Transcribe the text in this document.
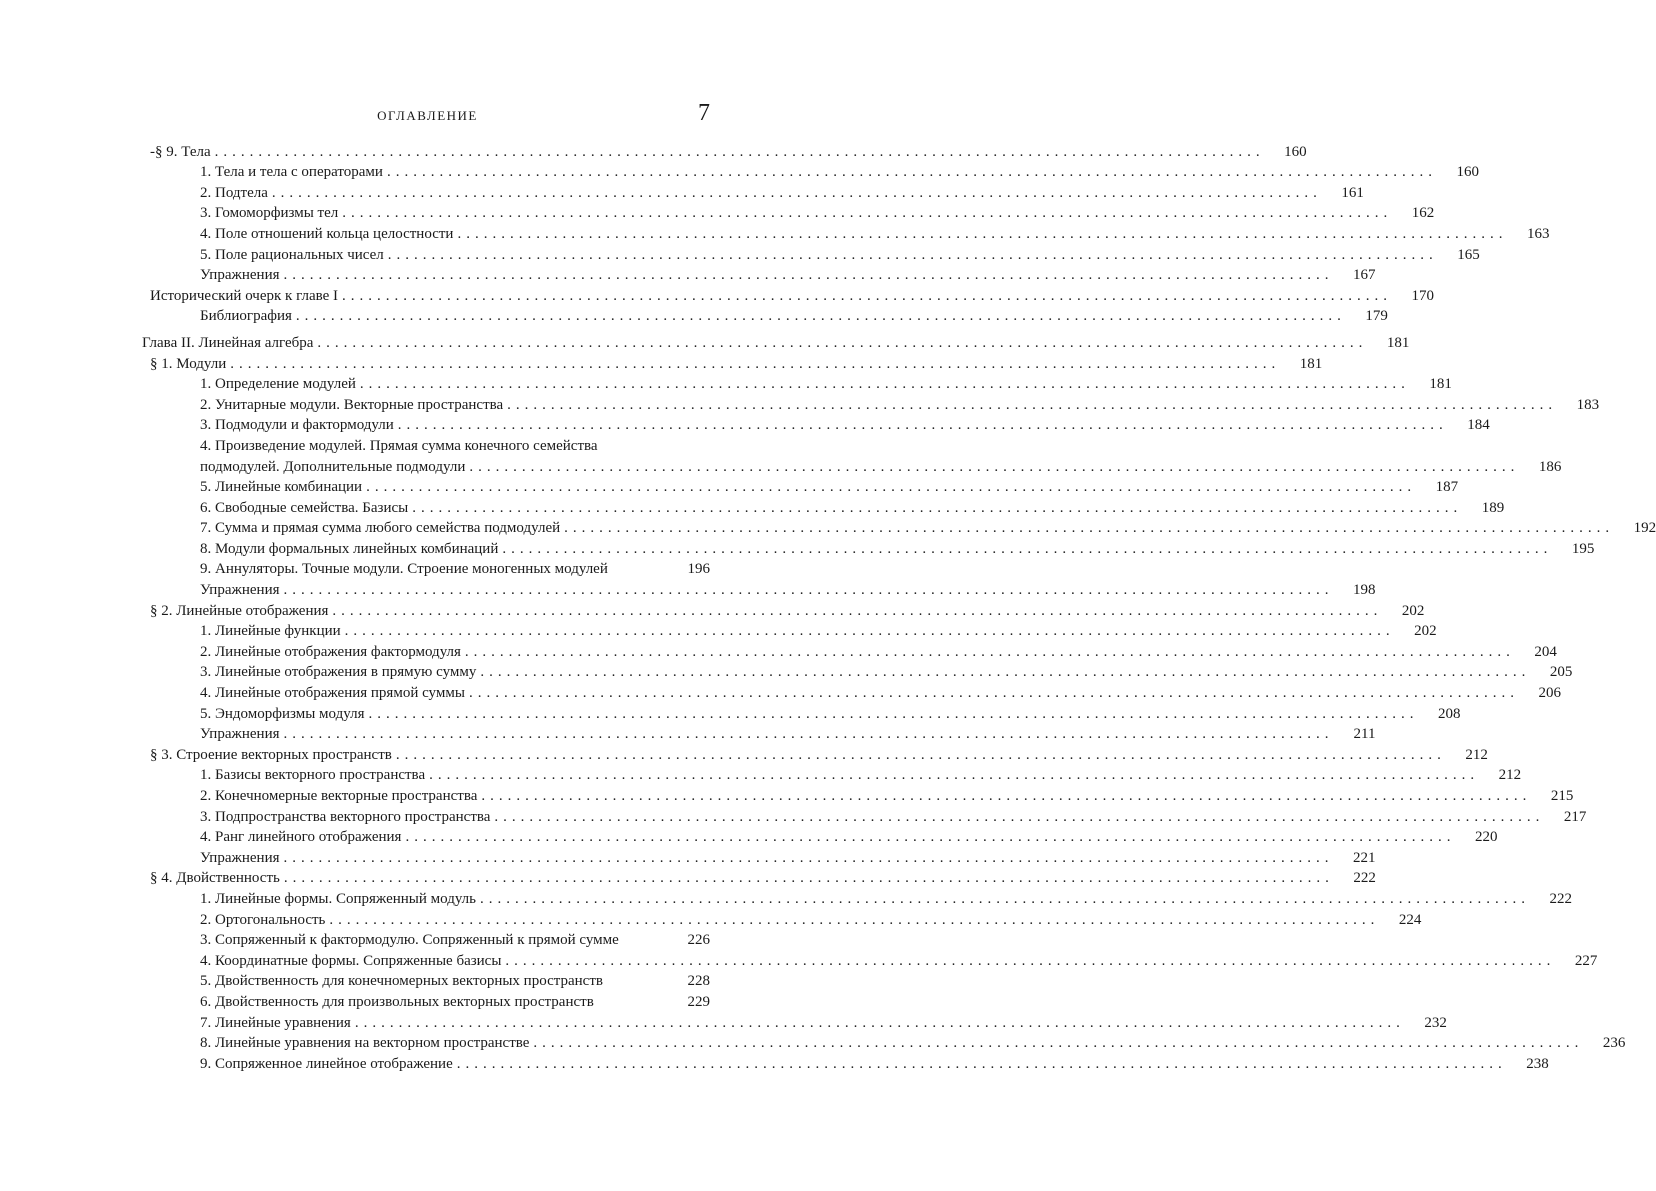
ОГЛАВЛЕНИЕ	7
-§ 9. Тела ........................................................................................................................	160
1. Тела и тела с операторами ........................................................................................................................	160
2. Подтела ........................................................................................................................	161
3. Гомоморфизмы тел ........................................................................................................................	162
4. Поле отношений кольца целостности ........................................................................................................................	163
5. Поле рациональных чисел ........................................................................................................................	165
Упражнения ........................................................................................................................	167
Исторический очерк к главе I ........................................................................................................................	170
Библиография ........................................................................................................................	179
Глава II. Линейная алгебра ........................................................................................................................	181
§ 1. Модули ........................................................................................................................	181
1. Определение модулей ........................................................................................................................	181
2. Унитарные модули. Векторные пространства ........................................................................................................................	183
3. Подмодули и фактормодули ........................................................................................................................	184
4. Произведение модулей. Прямая сумма конечного семейства
подмодулей. Дополнительные подмодули ........................................................................................................................	186
5. Линейные комбинации ........................................................................................................................	187
6. Свободные семейства. Базисы ........................................................................................................................	189
7. Сумма и прямая сумма любого семейства подмодулей ........................................................................................................................	192
8. Модули формальных линейных комбинаций ........................................................................................................................	195
9. Аннуляторы. Точные модули. Строение моногенных модулей	196
Упражнения ........................................................................................................................	198
§ 2. Линейные отображения ........................................................................................................................	202
1. Линейные функции ........................................................................................................................	202
2. Линейные отображения фактормодуля ........................................................................................................................	204
3. Линейные отображения в прямую сумму ........................................................................................................................	205
4. Линейные отображения прямой суммы ........................................................................................................................	206
5. Эндоморфизмы модуля ........................................................................................................................	208
Упражнения ........................................................................................................................	211
§ 3. Строение векторных пространств ........................................................................................................................	212
1. Базисы векторного пространства ........................................................................................................................	212
2. Конечномерные векторные пространства ........................................................................................................................	215
3. Подпространства векторного пространства ........................................................................................................................	217
4. Ранг линейного отображения ........................................................................................................................	220
Упражнения ........................................................................................................................	221
§ 4. Двойственность ........................................................................................................................	222
1. Линейные формы. Сопряженный модуль ........................................................................................................................	222
2. Ортогональность ........................................................................................................................	224
3. Сопряженный к фактормодулю. Сопряженный к прямой сумме	226
4. Координатные формы. Сопряженные базисы ........................................................................................................................	227
5. Двойственность для конечномерных векторных пространств	228
6. Двойственность для произвольных векторных пространств	229
7. Линейные уравнения ........................................................................................................................	232
8. Линейные уравнения на векторном пространстве ........................................................................................................................	236
9. Сопряженное линейное отображение ........................................................................................................................	238
